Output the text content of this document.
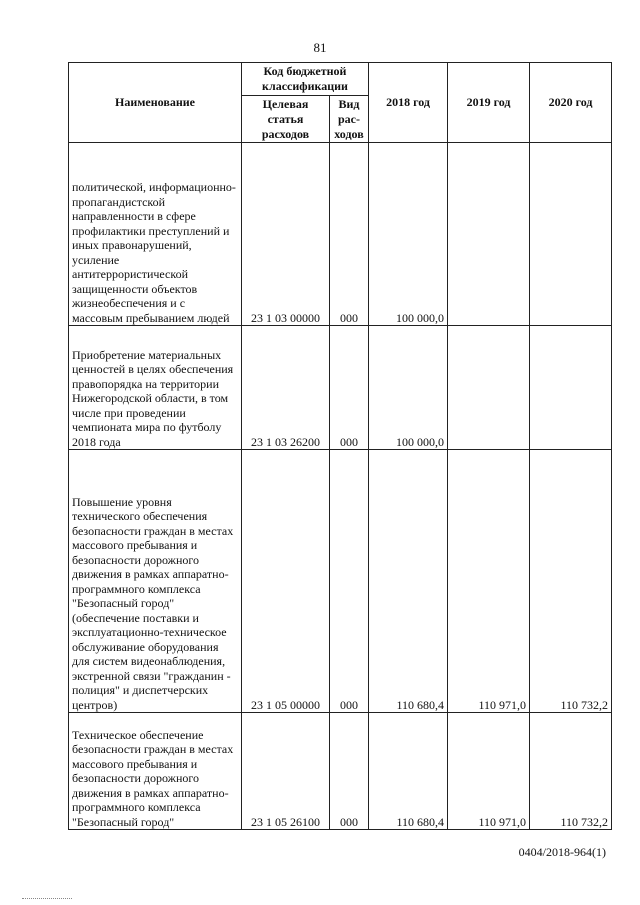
81
Наименование	Код бюджетной классификации		2018 год	2019 год	2020 год
	Целевая статья расходов	Вид рас-ходов			
политической, информационно-пропагандистской направленности в сфере профилактики преступлений и иных правонарушений, усиление антитеррористической защищенности объектов жизнеобеспечения и с массовым пребыванием людей	23 1 03 00000	000	100 000,0		
Приобретение материальных ценностей в целях обеспечения правопорядка на территории Нижегородской области, в том числе при проведении чемпионата мира по футболу 2018 года	23 1 03 26200	000	100 000,0		
Повышение уровня технического обеспечения безопасности граждан в местах массового пребывания и безопасности дорожного движения в рамках аппаратно-программного комплекса "Безопасный город" (обеспечение поставки и эксплуатационно-техническое обслуживание оборудования для систем видеонаблюдения, экстренной связи "гражданин - полиция" и диспетчерских центров)	23 1 05 00000	000	110 680,4	110 971,0	110 732,2
Техническое обеспечение безопасности граждан в местах массового пребывания и безопасности дорожного движения в рамках аппаратно-программного комплекса "Безопасный город"	23 1 05 26100	000	110 680,4	110 971,0	110 732,2
0404/2018-964(1)
